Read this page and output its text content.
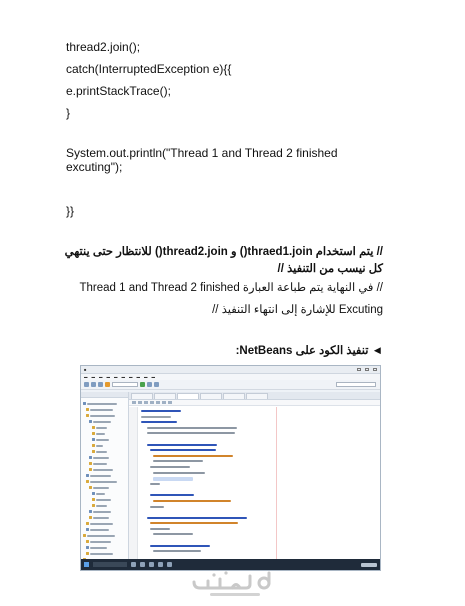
thread2.join();
catch(InterruptedException e){{
e.printStackTrace();
}
System.out.println("Thread 1 and Thread 2 finished excuting");
}}
// يتم استخدام thraed1.join() و thread2.join() للانتظار حتى ينتهي كل نيسب من التنفيذ //
// في النهاية يتم طباعة العبارة Thread 1 and Thread 2 finished
Excuting للإشارة إلى انتهاء التنفيذ //
◄ تنفيذ الكود على NetBeans:
■
▬ ▬ ▬ ▬ ▬ ▬ ▬ ▬ ▬ ▬
